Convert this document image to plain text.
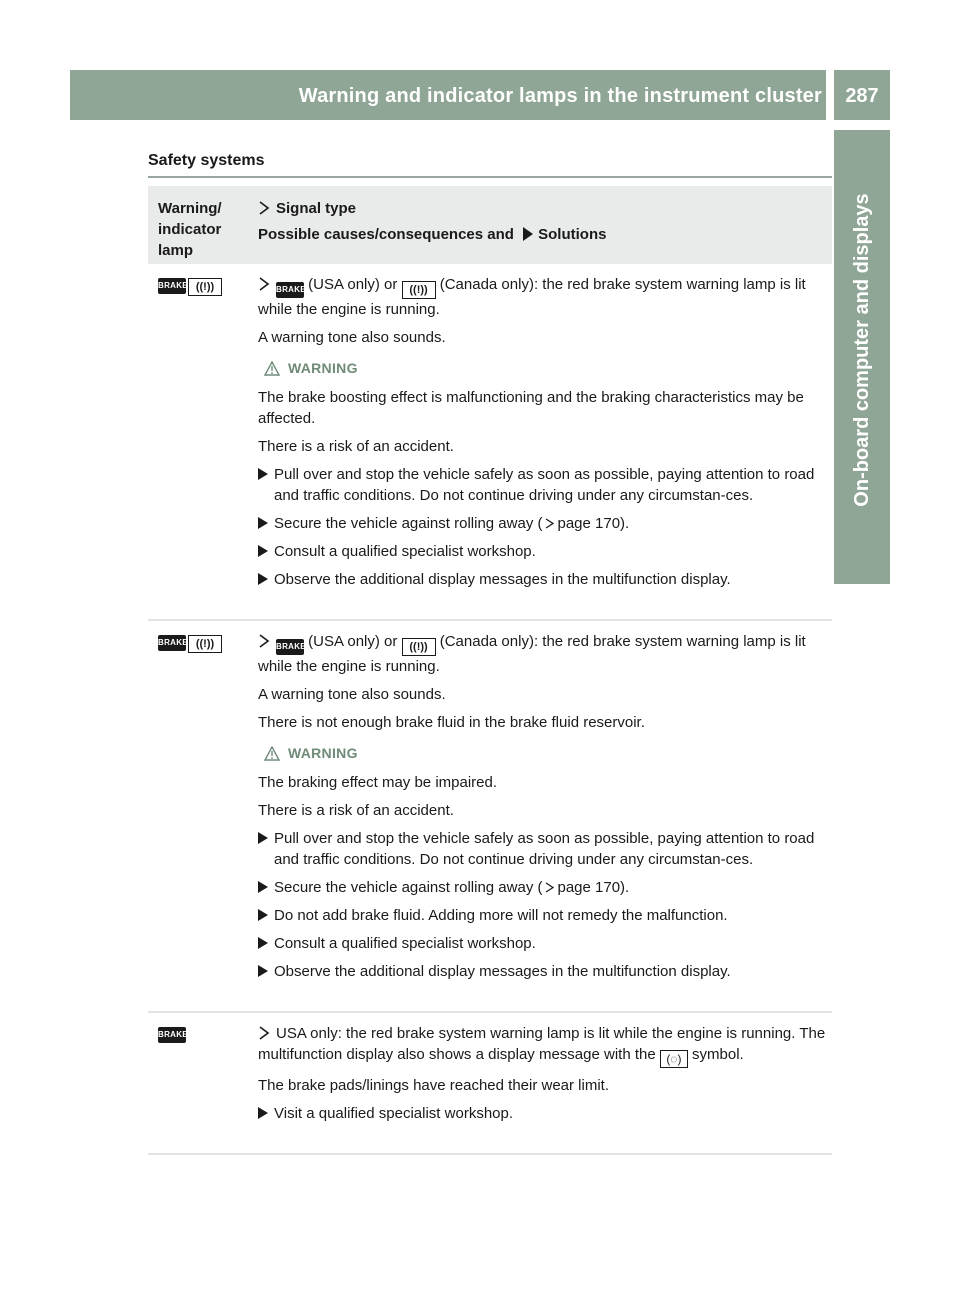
Warning and indicator lamps in the instrument cluster	287
On-board computer and displays
Safety systems
Warning/ indicator lamp
Signal type
Possible causes/consequences and Solutions
BRAKE ((!))	BRAKE (USA only) or ((!)) (Canada only): the red brake system warning lamp is lit while the engine is running.

A warning tone also sounds.

WARNING

The brake boosting effect is malfunctioning and the braking characteristics may be affected.

There is a risk of an accident.

Pull over and stop the vehicle safely as soon as possible, paying attention to road and traffic conditions. Do not continue driving under any circumstan-ces.
Secure the vehicle against rolling away ( page 170).
Consult a qualified specialist workshop.
Observe the additional display messages in the multifunction display.
BRAKE ((!))	BRAKE (USA only) or ((!)) (Canada only): the red brake system warning lamp is lit while the engine is running.

A warning tone also sounds.

There is not enough brake fluid in the brake fluid reservoir.

WARNING

The braking effect may be impaired.

There is a risk of an accident.

Pull over and stop the vehicle safely as soon as possible, paying attention to road and traffic conditions. Do not continue driving under any circumstan-ces.
Secure the vehicle against rolling away ( page 170).
Do not add brake fluid. Adding more will not remedy the malfunction.
Consult a qualified specialist workshop.
Observe the additional display messages in the multifunction display.
BRAKE	USA only: the red brake system warning lamp is lit while the engine is running. The multifunction display also shows a display message with the (◌) symbol.

The brake pads/linings have reached their wear limit.

Visit a qualified specialist workshop.
